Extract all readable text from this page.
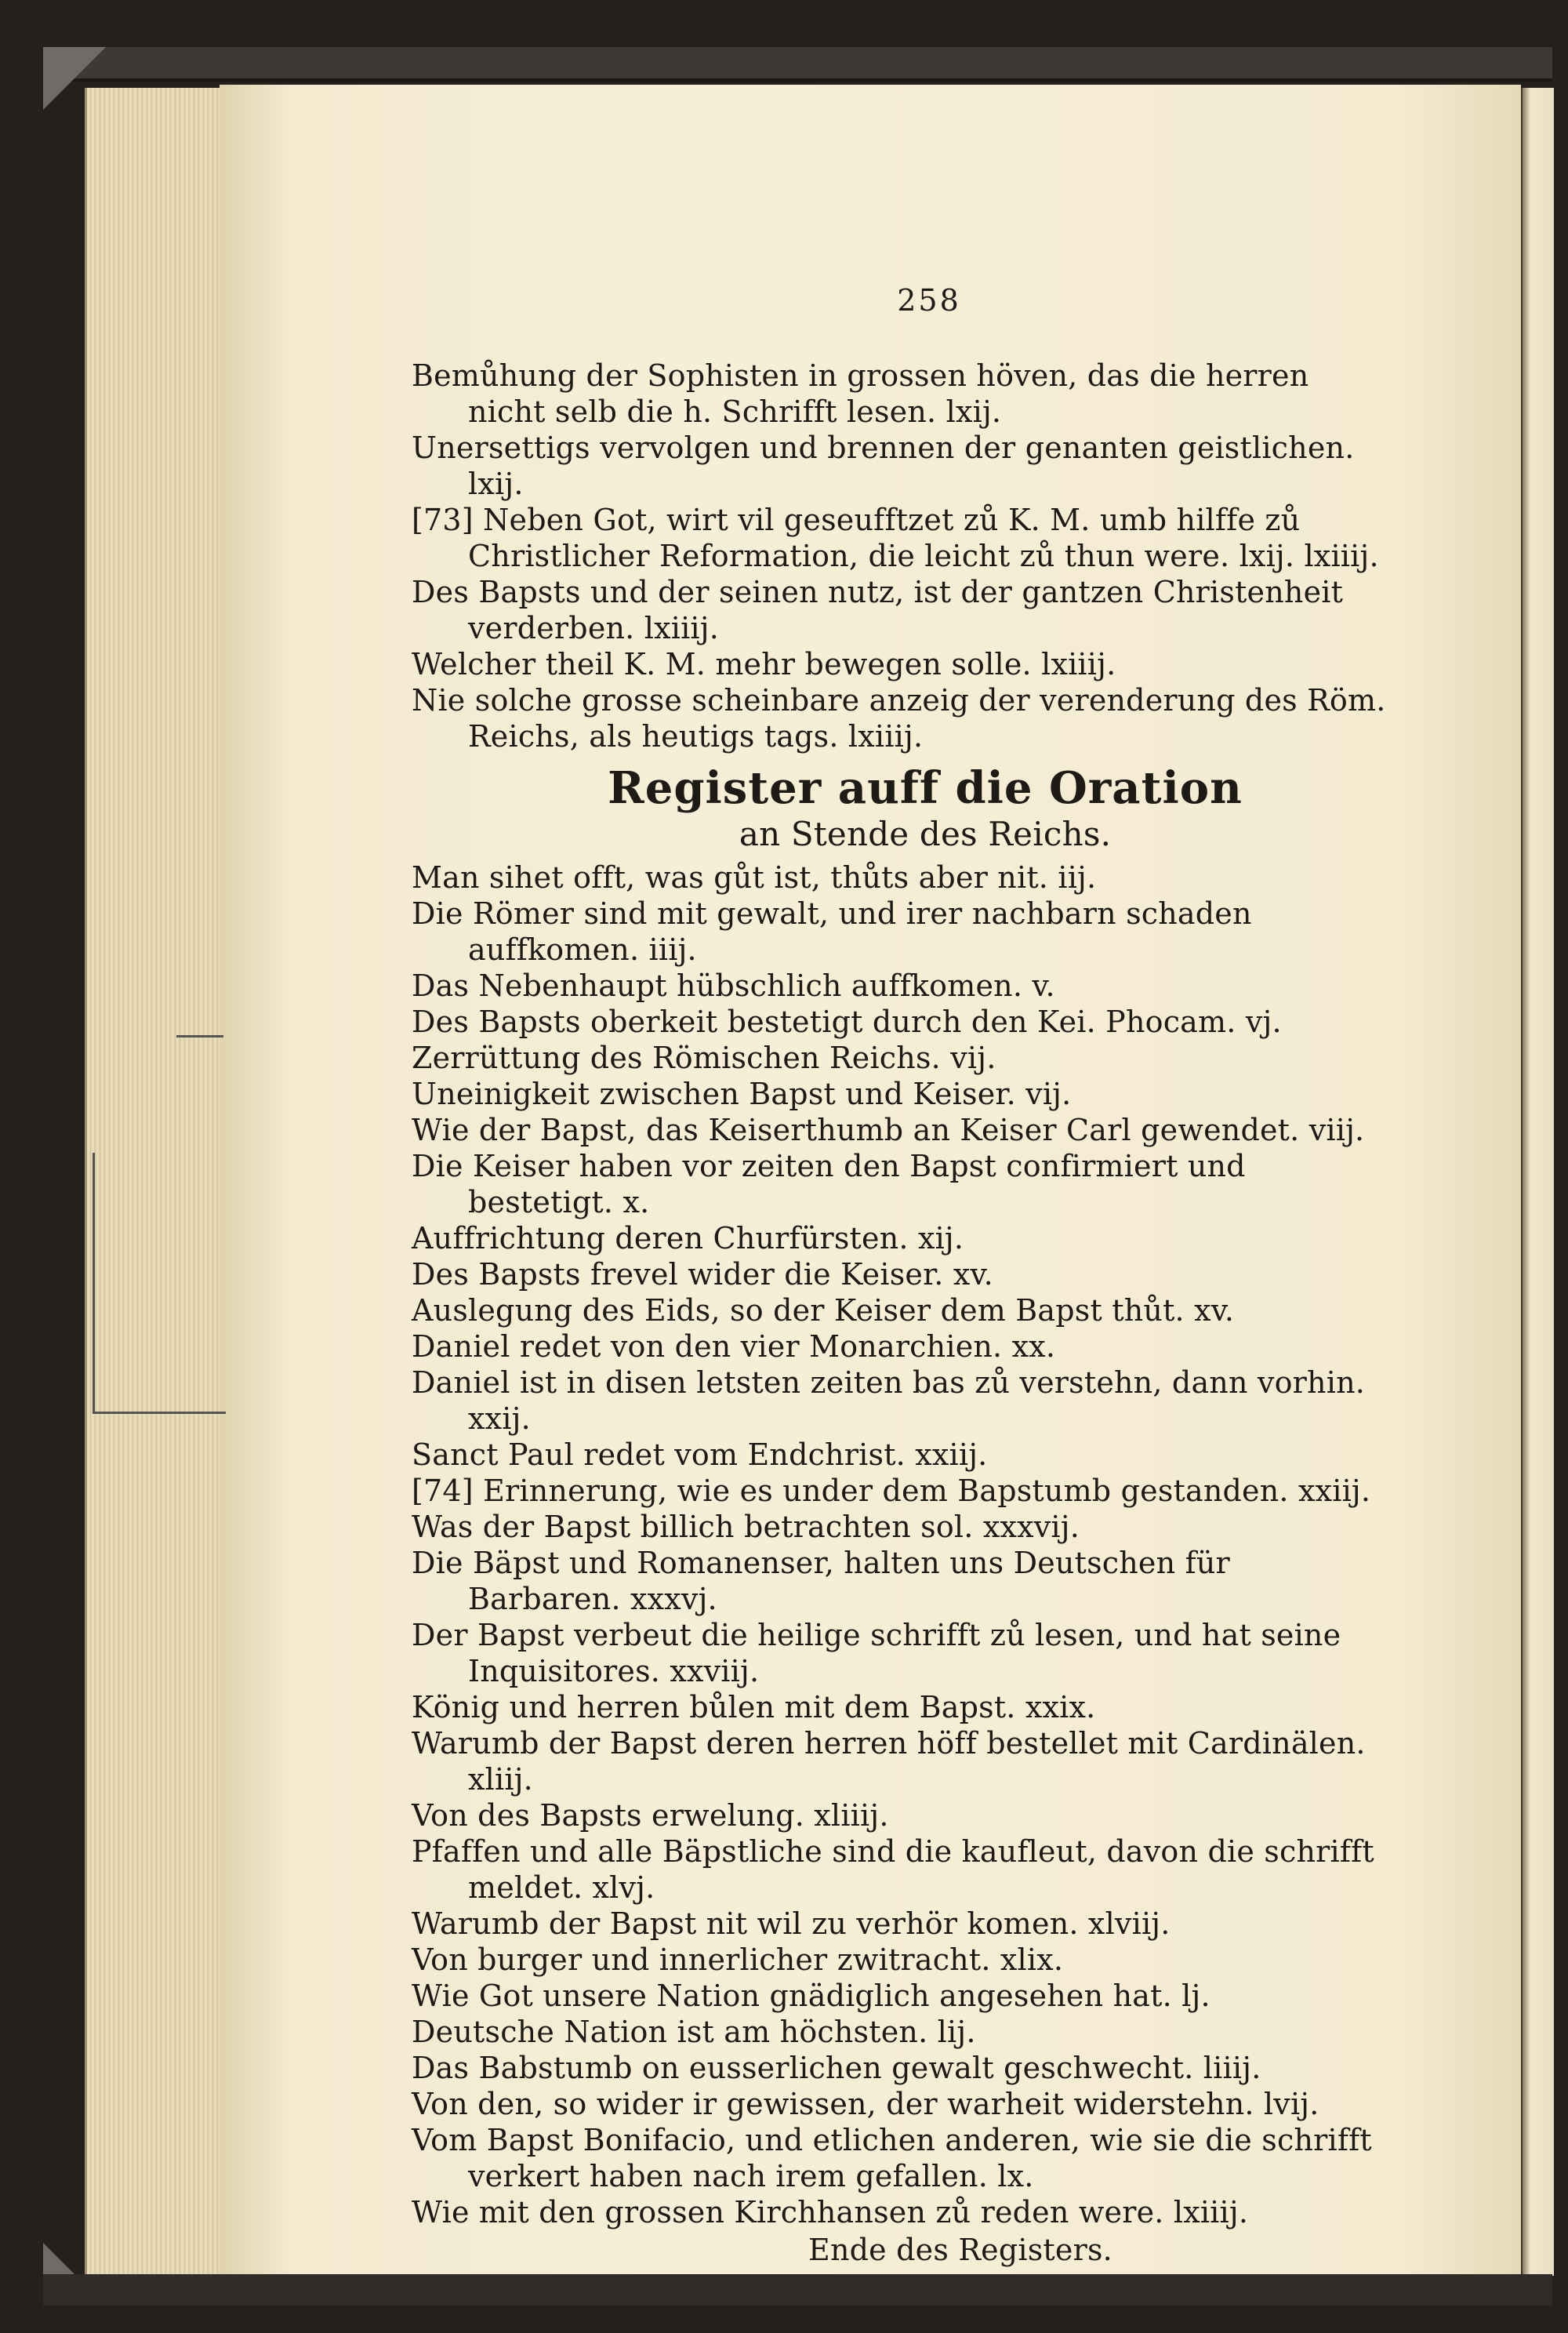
258

Bemůhung der Sophisten in grossen höven, das die herren nicht selb die h. Schrifft lesen. lxij.

Unersettigs vervolgen und brennen der genanten geistlichen. lxij.

[73] Neben Got, wirt vil geseufftzet zů K. M. umb hilffe zů Christlicher Reformation, die leicht zů thun were. lxij. lxiiij.

Des Bapsts und der seinen nutz, ist der gantzen Christenheit verderben. lxiiij.

Welcher theil K. M. mehr bewegen solle. lxiiij.

Nie solche grosse scheinbare anzeig der verenderung des Röm. Reichs, als heutigs tags. lxiiij.

Register auff die Oration

an Stende des Reichs.

Man sihet offt, was gůt ist, thůts aber nit. iij.

Die Römer sind mit gewalt, und irer nachbarn schaden auffkomen. iiij.

Das Nebenhaupt hübschlich auffkomen. v.

Des Bapsts oberkeit bestetigt durch den Kei. Phocam. vj.

Zerrüttung des Römischen Reichs. vij.

Uneinigkeit zwischen Bapst und Keiser. vij.

Wie der Bapst, das Keiserthumb an Keiser Carl gewendet. viij.

Die Keiser haben vor zeiten den Bapst confirmiert und bestetigt. x.

Auffrichtung deren Churfürsten. xij.

Des Bapsts frevel wider die Keiser. xv.

Auslegung des Eids, so der Keiser dem Bapst thůt. xv.

Daniel redet von den vier Monarchien. xx.

Daniel ist in disen letsten zeiten bas zů verstehn, dann vorhin. xxij.

Sanct Paul redet vom Endchrist. xxiij.

[74] Erinnerung, wie es under dem Bapstumb gestanden. xxiij.

Was der Bapst billich betrachten sol. xxxvij.

Die Bäpst und Romanenser, halten uns Deutschen für Barbaren. xxxvj.

Der Bapst verbeut die heilige schrifft zů lesen, und hat seine Inquisitores. xxviij.

König und herren bůlen mit dem Bapst. xxix.

Warumb der Bapst deren herren höff bestellet mit Cardinälen. xliij.

Von des Bapsts erwelung. xliiij.

Pfaffen und alle Bäpstliche sind die kaufleut, davon die schrifft meldet. xlvj.

Warumb der Bapst nit wil zu verhör komen. xlviij.

Von burger und innerlicher zwitracht. xlix.

Wie Got unsere Nation gnädiglich angesehen hat. lj.

Deutsche Nation ist am höchsten. lij.

Das Babstumb on eusserlichen gewalt geschwecht. liiij.

Von den, so wider ir gewissen, der warheit widerstehn. lvij.

Vom Bapst Bonifacio, und etlichen anderen, wie sie die schrifft verkert haben nach irem gefallen. lx.

Wie mit den grossen Kirchhansen zů reden were. lxiiij.

Ende des Registers.
